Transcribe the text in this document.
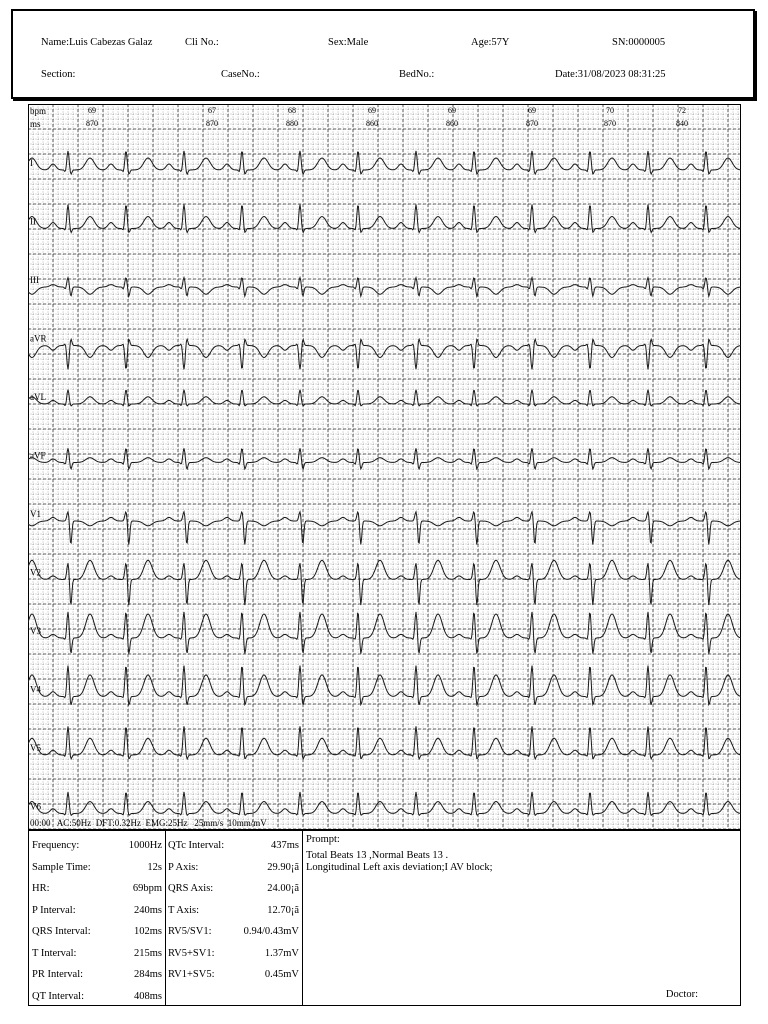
Name:Luis Cabezas Galaz	Cli No.:	Sex:Male	Age:57Y	SN:0000005
Section:	CaseNo.:	BedNo.:	Date:31/08/2023 08:31:25
69	67	68	69	69	69	70	72
870	870	880	860	860	870	870	840
bpm
ms
I
II
III
aVR
aVL
aVF
V1
V2
V3
V4
V5
V6
00:00   AC:50Hz  DFT:0.32Hz  EMG:25Hz   25mm/s  10mm/mV
Frequency:	1000Hz
Sample Time:	12s
HR:	69bpm
P Interval:	240ms
QRS Interval:	102ms
T Interval:	215ms
PR Interval:	284ms
QT Interval:	408ms
QTc Interval:	437ms
P Axis:	29.90¡ã
QRS Axis:	24.00¡ã
T Axis:	12.70¡ã
RV5/SV1:	0.94/0.43mV
RV5+SV1:	1.37mV
RV1+SV5:	0.45mV
Prompt:
Total Beats 13 ,Normal Beats 13 .
Longitudinal Left axis deviation;I AV block;
Doctor:
